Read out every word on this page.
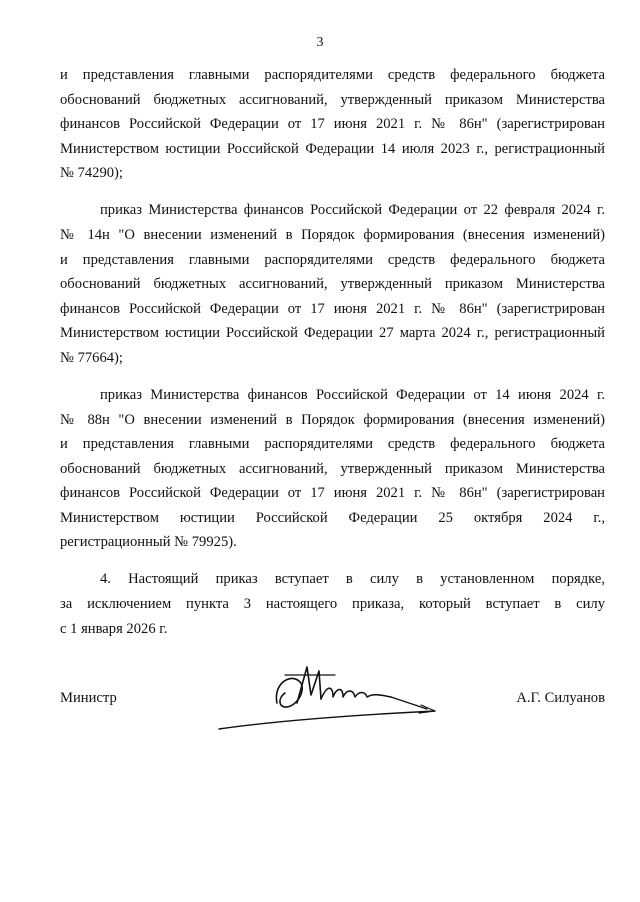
3
и представления главными распорядителями средств федерального бюджета
обоснований бюджетных ассигнований, утвержденный приказом Министерства
финансов Российской Федерации от 17 июня 2021 г. № 86н" (зарегистрирован
Министерством юстиции Российской Федерации 14 июля 2023 г., регистрационный
№ 74290);
приказ Министерства финансов Российской Федерации от 22 февраля 2024 г.
№ 14н "О внесении изменений в Порядок формирования (внесения изменений)
и представления главными распорядителями средств федерального бюджета
обоснований бюджетных ассигнований, утвержденный приказом Министерства
финансов Российской Федерации от 17 июня 2021 г. № 86н" (зарегистрирован
Министерством юстиции Российской Федерации 27 марта 2024 г., регистрационный
№ 77664);
приказ Министерства финансов Российской Федерации от 14 июня 2024 г.
№ 88н "О внесении изменений в Порядок формирования (внесения изменений)
и представления главными распорядителями средств федерального бюджета
обоснований бюджетных ассигнований, утвержденный приказом Министерства
финансов Российской Федерации от 17 июня 2021 г. № 86н" (зарегистрирован
Министерством юстиции Российской Федерации 25 октября 2024 г.,
регистрационный № 79925).
4. Настоящий приказ вступает в силу в установленном порядке,
за исключением пункта 3 настоящего приказа, который вступает в силу
с 1 января 2026 г.
Министр	А.Г. Силуанов
